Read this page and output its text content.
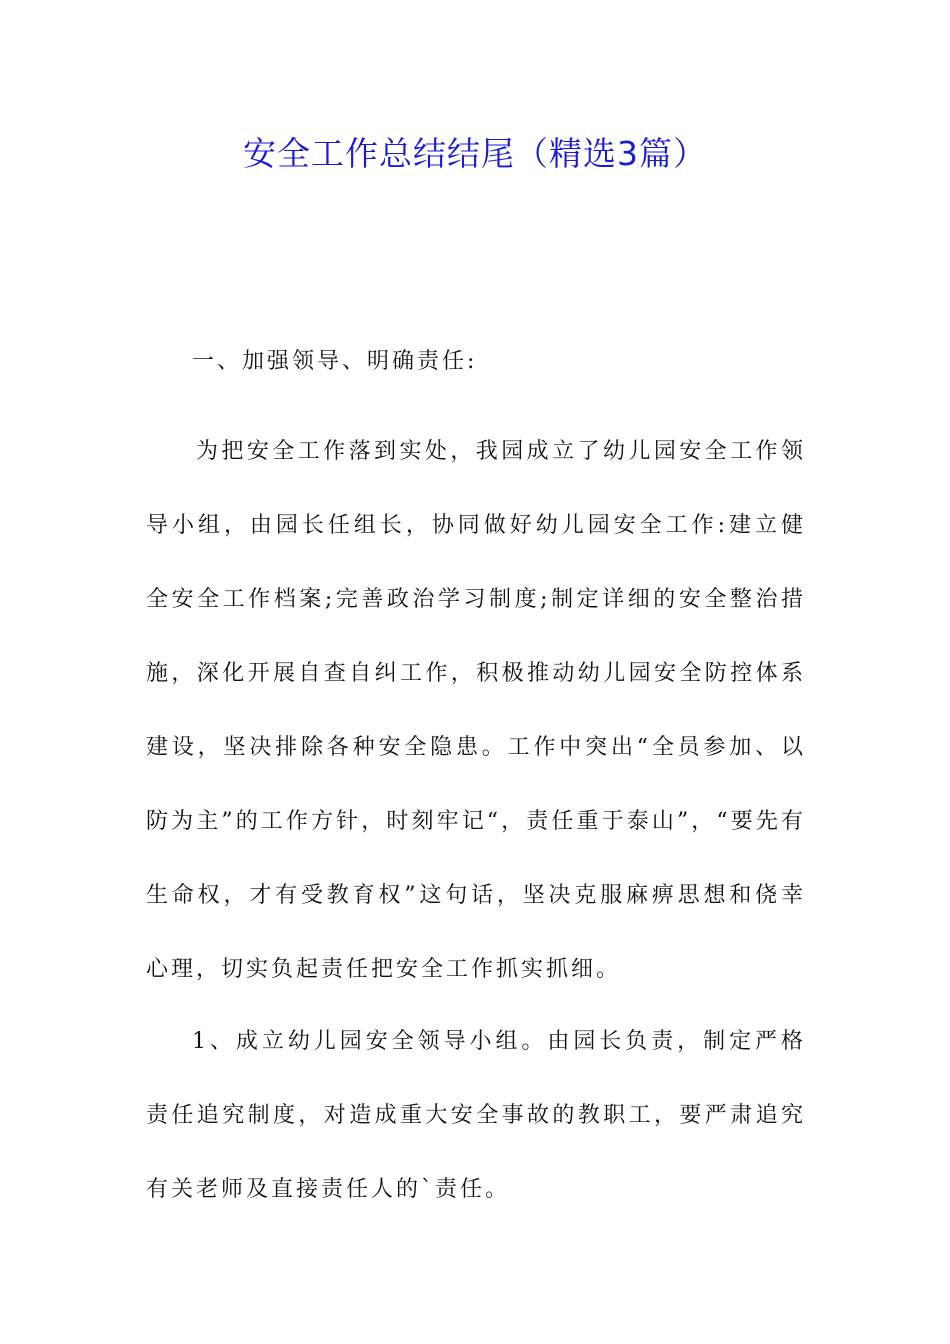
安全工作总结结尾（精选3篇）
一、加强领导、明确责任:
为把安全工作落到实处，我园成立了幼儿园安全工作领导小组，由园长任组长，协同做好幼儿园安全工作:建立健全安全工作档案;完善政治学习制度;制定详细的安全整治措施，深化开展自查自纠工作，积极推动幼儿园安全防控体系建设，坚决排除各种安全隐患。工作中突出“全员参加、以防为主”的工作方针，时刻牢记“，责任重于泰山”，“要先有生命权，才有受教育权”这句话，坚决克服麻痹思想和侥幸心理，切实负起责任把安全工作抓实抓细。
1、成立幼儿园安全领导小组。由园长负责，制定严格责任追究制度，对造成重大安全事故的教职工，要严肃追究有关老师及直接责任人的`责任。
